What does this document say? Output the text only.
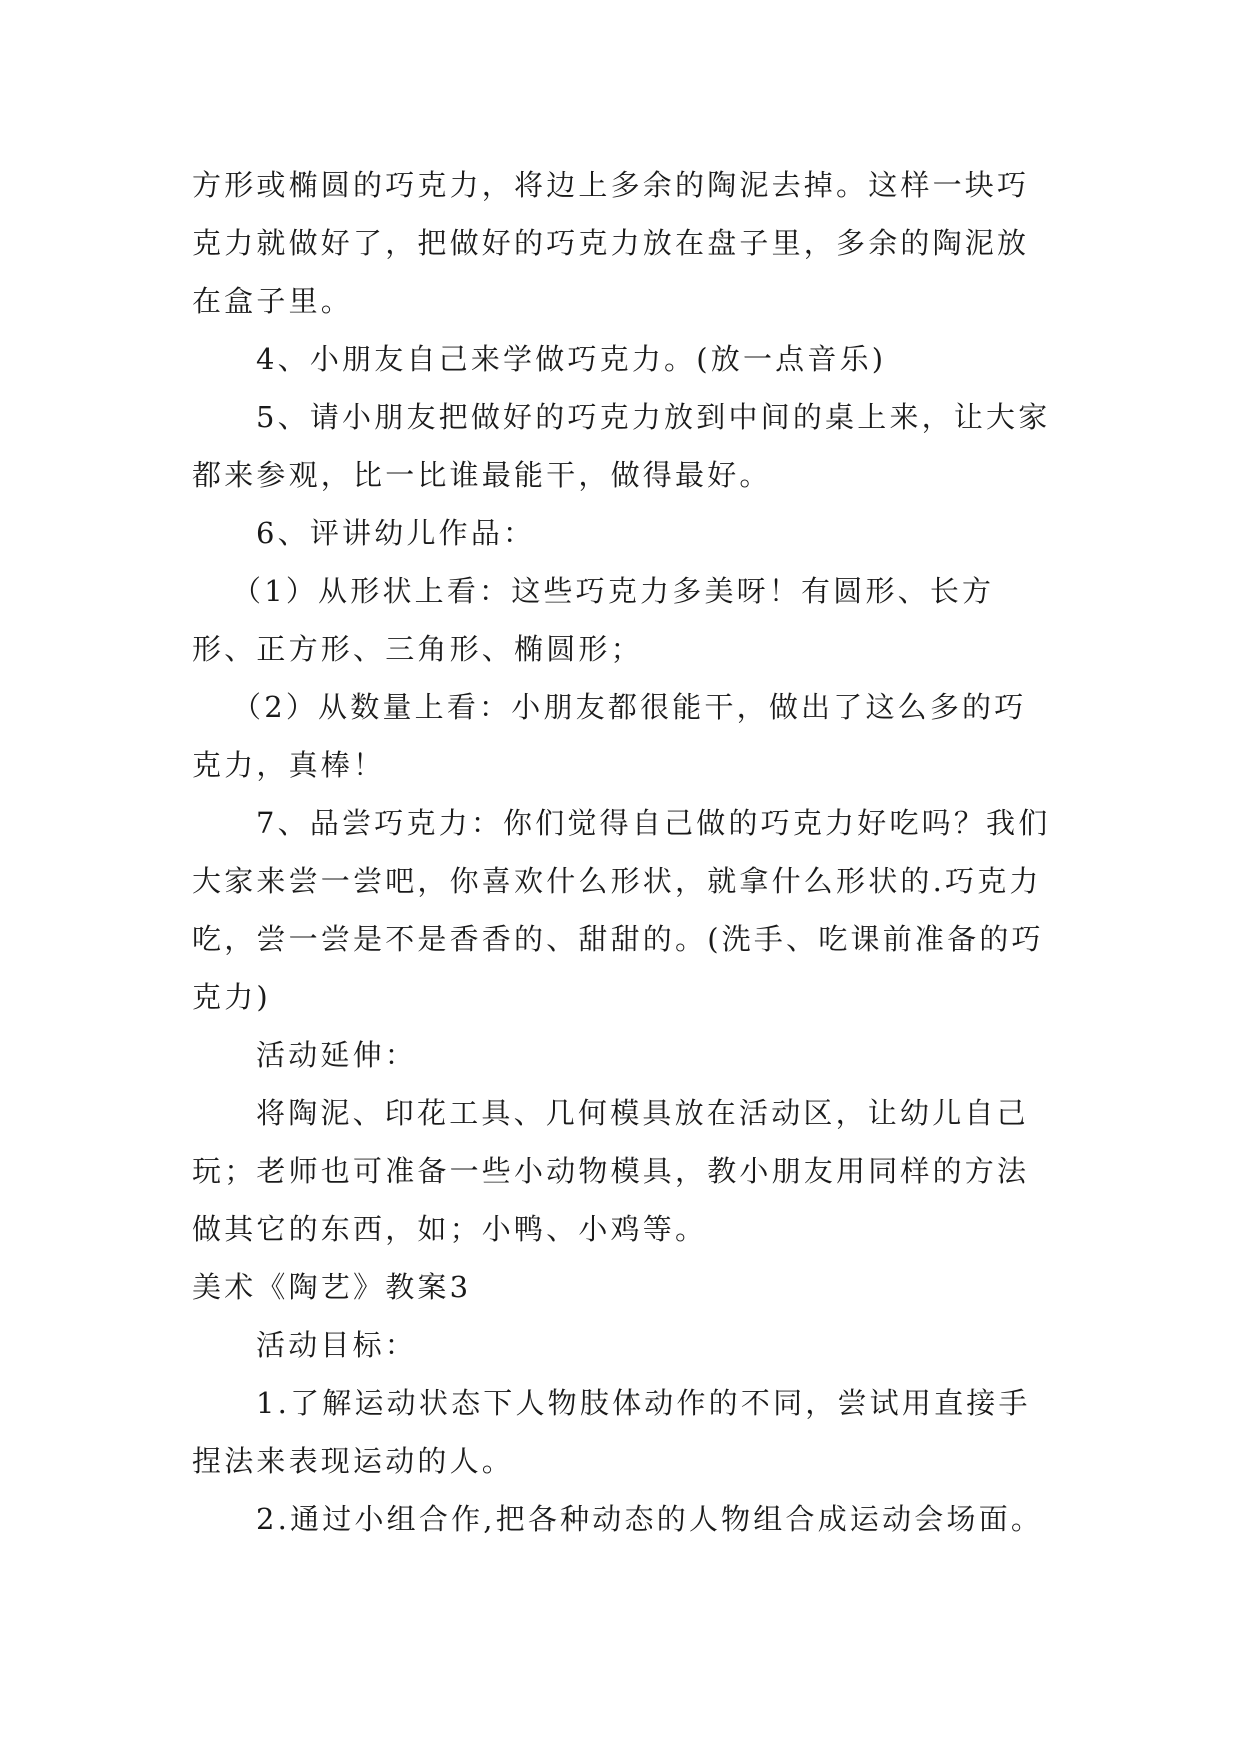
方形或椭圆的巧克力，将边上多余的陶泥去掉。这样一块巧克力就做好了，把做好的巧克力放在盘子里，多余的陶泥放在盒子里。

4、小朋友自己来学做巧克力。(放一点音乐)

5、请小朋友把做好的巧克力放到中间的桌上来，让大家都来参观，比一比谁最能干，做得最好。

6、评讲幼儿作品：

（1）从形状上看：这些巧克力多美呀！有圆形、长方形、正方形、三角形、椭圆形；

（2）从数量上看：小朋友都很能干，做出了这么多的巧克力，真棒！

7、品尝巧克力：你们觉得自己做的巧克力好吃吗？我们大家来尝一尝吧，你喜欢什么形状，就拿什么形状的.巧克力吃，尝一尝是不是香香的、甜甜的。(洗手、吃课前准备的巧克力)

活动延伸：

将陶泥、印花工具、几何模具放在活动区，让幼儿自己玩；老师也可准备一些小动物模具，教小朋友用同样的方法做其它的东西，如；小鸭、小鸡等。

美术《陶艺》教案3

活动目标：

1.了解运动状态下人物肢体动作的不同，尝试用直接手捏法来表现运动的人。

2.通过小组合作,把各种动态的人物组合成运动会场面。
